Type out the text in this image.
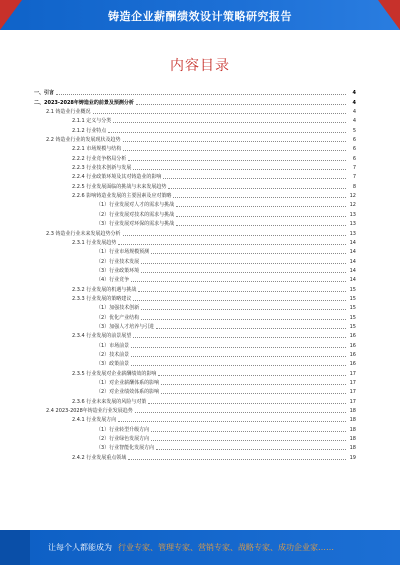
铸造企业薪酬绩效设计策略研究报告
内容目录
一、引言	4
二、2023-2028年铸造业的前景及预测分析	4
2.1 铸造业行业概况	4
2.1.1 定义与分类	4
2.1.2 行业特点	5
2.2 铸造业行业的发展现状及趋势	6
2.2.1 市场规模与结构	6
2.2.2 行业竞争格局分析	6
2.2.3 行业技术创新与发展	7
2.2.4 行业政策环境及其对铸造业的影响	7
2.2.5 行业发展面临的挑战与未来发展趋势	8
2.2.6 影响铸造业发展的主要因素及应对策略	12
（1）行业发展对人才的需求与挑战	12
（2）行业发展对技术的需求与挑战	13
（3）行业发展对环保的需求与挑战	13
2.3 铸造业行业未来发展趋势分析	13
2.3.1 行业发展趋势	14
（1）行业市场规模预测	14
（2）行业技术发展	14
（3）行业政策环境	14
（4）行业竞争	14
2.3.2 行业发展的机遇与挑战	15
2.3.3 行业发展的策略建议	15
（1）加强技术创新	15
（2）优化产业结构	15
（3）加强人才培养与引进	15
2.3.4 行业发展的前景展望	16
（1）市场前景	16
（2）技术前景	16
（3）政策前景	16
2.3.5 行业发展对企业薪酬绩效的影响	17
（1）对企业薪酬体系的影响	17
（2）对企业绩效体系的影响	17
2.3.6 行业未来发展的风险与对策	17
2.4 2023-2028年铸造业行业发展趋势	18
2.4.1 行业发展方向	18
（1）行业转型升级方向	18
（2）行业绿色发展方向	18
（3）行业智能化发展方向	18
2.4.2 行业发展重点领域	19
让每个人都能成为 行业专家、管理专家、营销专家、战略专家、成功企业家……
